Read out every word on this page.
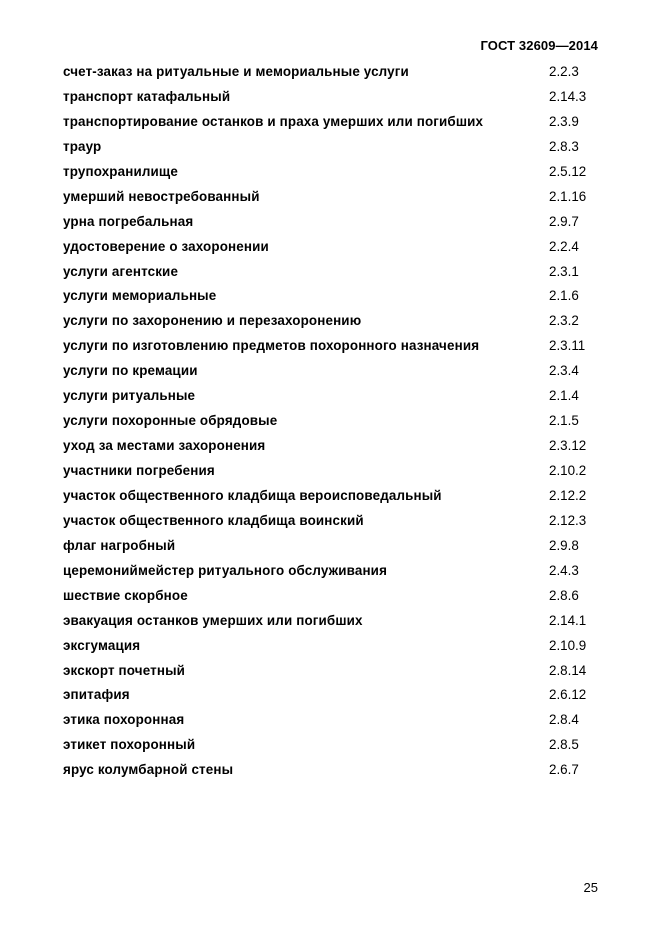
ГОСТ 32609—2014
счет-заказ на ритуальные и мемориальные услуги	2.2.3
транспорт катафальный	2.14.3
транспортирование останков и праха умерших или погибших	2.3.9
траур	2.8.3
трупохранилище	2.5.12
умерший невостребованный	2.1.16
урна погребальная	2.9.7
удостоверение о захоронении	2.2.4
услуги агентские	2.3.1
услуги мемориальные	2.1.6
услуги по захоронению и перезахоронению	2.3.2
услуги по изготовлению предметов похоронного назначения	2.3.11
услуги по кремации	2.3.4
услуги ритуальные	2.1.4
услуги похоронные обрядовые	2.1.5
уход за местами захоронения	2.3.12
участники погребения	2.10.2
участок общественного кладбища вероисповедальный	2.12.2
участок общественного кладбища воинский	2.12.3
флаг нагробный	2.9.8
церемониймейстер ритуального обслуживания	2.4.3
шествие скорбное	2.8.6
эвакуация останков умерших или погибших	2.14.1
эксгумация	2.10.9
экскорт почетный	2.8.14
эпитафия	2.6.12
этика похоронная	2.8.4
этикет похоронный	2.8.5
ярус колумбарной стены	2.6.7
25
